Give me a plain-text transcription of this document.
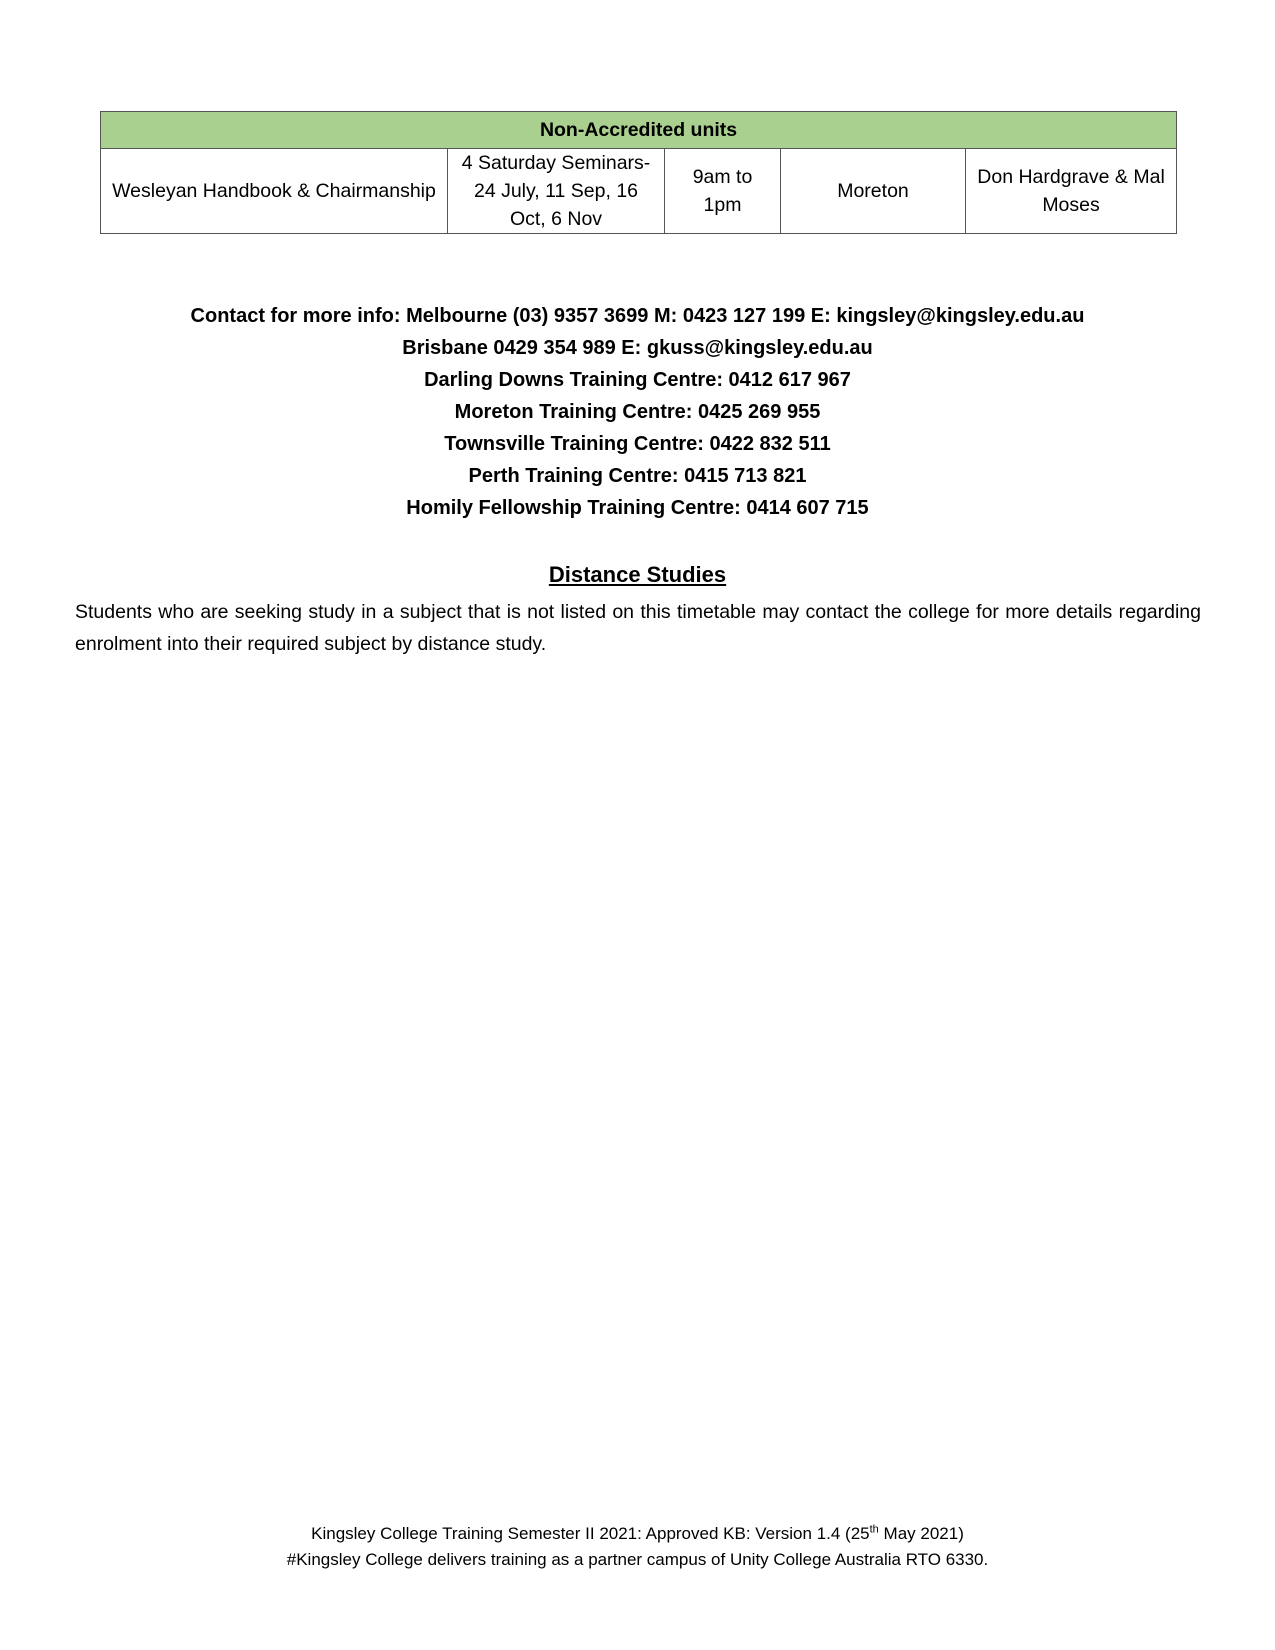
Non-Accredited units
Wesleyan Handbook & Chairmanship	4 Saturday Seminars- 24 July, 11 Sep, 16 Oct, 6 Nov	9am to 1pm	Moreton	Don Hardgrave & Mal Moses
Contact for more info: Melbourne (03) 9357 3699 M: 0423 127 199 E: kingsley@kingsley.edu.au
Brisbane 0429 354 989 E: gkuss@kingsley.edu.au
Darling Downs Training Centre: 0412 617 967
Moreton Training Centre: 0425 269 955
Townsville Training Centre: 0422 832 511
Perth Training Centre: 0415 713 821
Homily Fellowship Training Centre: 0414 607 715
Distance Studies
Students who are seeking study in a subject that is not listed on this timetable may contact the college for more details regarding enrolment into their required subject by distance study.
Kingsley College Training Semester II 2021: Approved KB: Version 1.4 (25th May 2021)
#Kingsley College delivers training as a partner campus of Unity College Australia RTO 6330.
